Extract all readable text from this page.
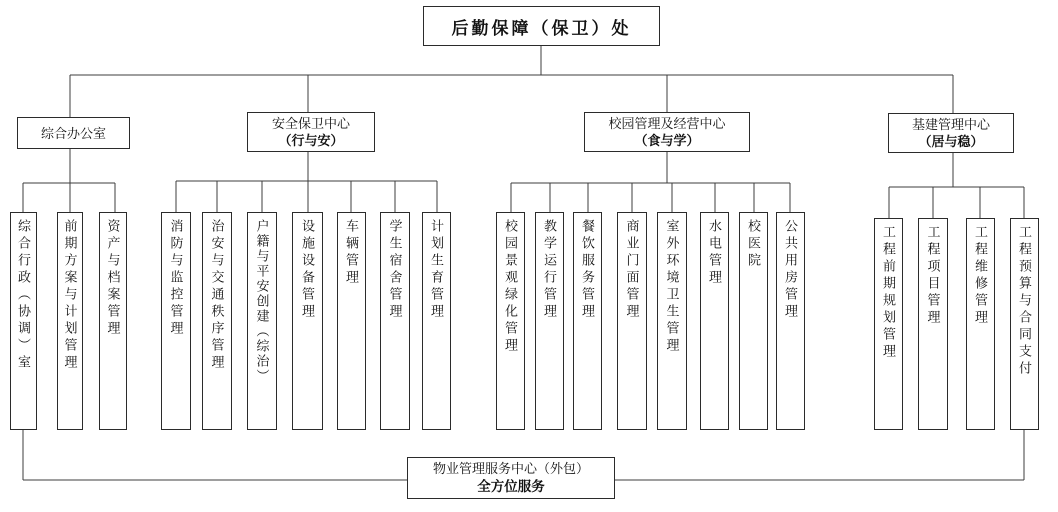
后勤保障（保卫）处
综合办公室
安全保卫中心
（行与安）
校园管理及经营中心
（食与学）
基建管理中心
（居与稳）
综合行政（协调）室 前期方案与计划管理 资产与档案管理	消防与监控管理 治安与交通秩序管理 户籍与平安创建（综治） 设施设备管理 车辆管理 学生宿舍管理 计划生育管理	校园景观绿化管理 教学运行管理 餐饮服务管理 商业门面管理 室外环境卫生管理 水电管理 校医院 公共用房管理	工程前期规划管理 工程项目管理	工程维修管理 工程预算与合同支付
物业管理服务中心（外包）
全方位服务
